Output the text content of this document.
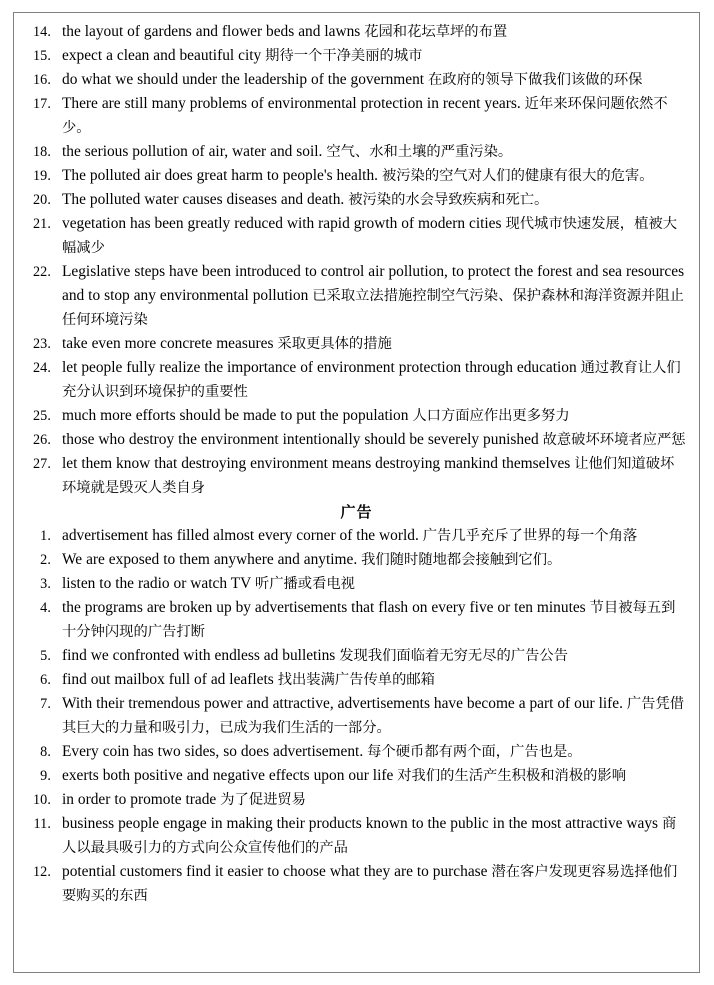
14. the layout of gardens and flower beds and lawns 花园和花坛草坪的布置
15. expect a clean and beautiful city 期待一个干净美丽的城市
16. do what we should under the leadership of the government 在政府的领导下做我们该做的环保
17. There are still many problems of environmental protection in recent years. 近年来环保问题依然不少。
18. the serious pollution of air, water and soil. 空气、水和土壤的严重污染。
19. The polluted air does great harm to people's health. 被污染的空气对人们的健康有很大的危害。
20. The polluted water causes diseases and death. 被污染的水会导致疾病和死亡。
21. vegetation has been greatly reduced with rapid growth of modern cities 现代城市快速发展，植被大幅减少
22. Legislative steps have been introduced to control air pollution, to protect the forest and sea resources and to stop any environmental pollution 已采取立法措施控制空气污染、保护森林和海洋资源并阻止任何环境污染
23. take even more concrete measures 采取更具体的措施
24. let people fully realize the importance of environment protection through education 通过教育让人们充分认识到环境保护的重要性
25. much more efforts should be made to put the population 人口方面应作出更多努力
26. those who destroy the environment intentionally should be severely punished 故意破坏环境者应严惩
27. let them know that destroying environment means destroying mankind themselves 让他们知道破坏环境就是毁灭人类自身
广告
1. advertisement has filled almost every corner of the world. 广告几乎充斥了世界的每一个角落
2. We are exposed to them anywhere and anytime. 我们随时随地都会接触到它们。
3. listen to the radio or watch TV 听广播或看电视
4. the programs are broken up by advertisements that flash on every five or ten minutes 节目被每五到十分钟闪现的广告打断
5. find we confronted with endless ad bulletins 发现我们面临着无穷无尽的广告公告
6. find out mailbox full of ad leaflets 找出装满广告传单的邮箱
7. With their tremendous power and attractive, advertisements have become a part of our life. 广告凭借其巨大的力量和吸引力，已成为我们生活的一部分。
8. Every coin has two sides, so does advertisement. 每个硬币都有两个面，广告也是。
9. exerts both positive and negative effects upon our life 对我们的生活产生积极和消极的影响
10. in order to promote trade 为了促进贸易
11. business people engage in making their products known to the public in the most attractive ways 商人以最具吸引力的方式向公众宣传他们的产品
12. potential customers find it easier to choose what they are to purchase 潜在客户发现更容易选择他们要购买的东西
